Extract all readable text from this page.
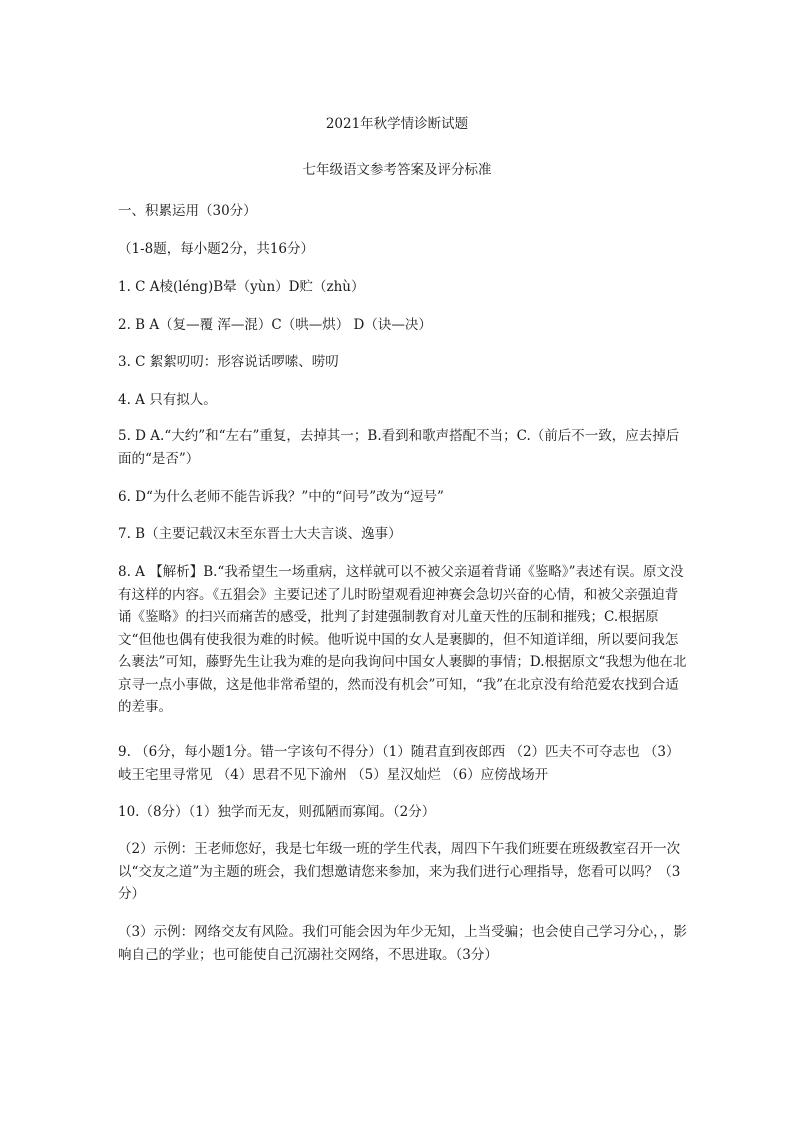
2021年秋学情诊断试题
七年级语文参考答案及评分标准
一、积累运用（30分）
（1-8题，每小题2分，共16分）
1. C A棱(léng)B晕（yùn）D贮（zhù）
2. B A（复—覆 浑—混）C（哄—烘） D（诀—决）
3. C 絮絮叨叨：形容说话啰嗦、唠叨
4. A 只有拟人。
5. D A.“大约”和“左右”重复，去掉其一；B.看到和歌声搭配不当；C.（前后不一致，应去掉后面的“是否”）
6. D“为什么老师不能告诉我？”中的“问号”改为“逗号”
7. B（主要记载汉末至东晋士大夫言谈、逸事）
8. A 【解析】B.“我希望生一场重病，这样就可以不被父亲逼着背诵《鉴略》”表述有误。原文没有这样的内容。《五猖会》主要记述了儿时盼望观看迎神赛会急切兴奋的心情，和被父亲强迫背诵《鉴略》的扫兴而痛苦的感受，批判了封建强制教育对儿童天性的压制和摧残；C.根据原文“但他也偶有使我很为难的时候。他听说中国的女人是裹脚的，但不知道详细，所以要问我怎么裹法”可知，藤野先生让我为难的是向我询问中国女人裹脚的事情；D.根据原文“我想为他在北京寻一点小事做，这是他非常希望的，然而没有机会”可知，“我”在北京没有给范爱农找到合适的差事。
9. （6分，每小题1分。错一字该句不得分）（1）随君直到夜郎西 （2）匹夫不可夺志也 （3）岐王宅里寻常见 （4）思君不见下渝州 （5）星汉灿烂 （6）应傍战场开
10.（8分）（1）独学而无友，则孤陋而寡闻。（2分）
（2）示例：王老师您好，我是七年级一班的学生代表，周四下午我们班要在班级教室召开一次以“交友之道”为主题的班会，我们想邀请您来参加，来为我们进行心理指导，您看可以吗？（3分）
（3）示例：网络交友有风险。我们可能会因为年少无知，上当受骗；也会使自己学习分心，，影响自己的学业；也可能使自己沉溺社交网络，不思进取。（3分）
